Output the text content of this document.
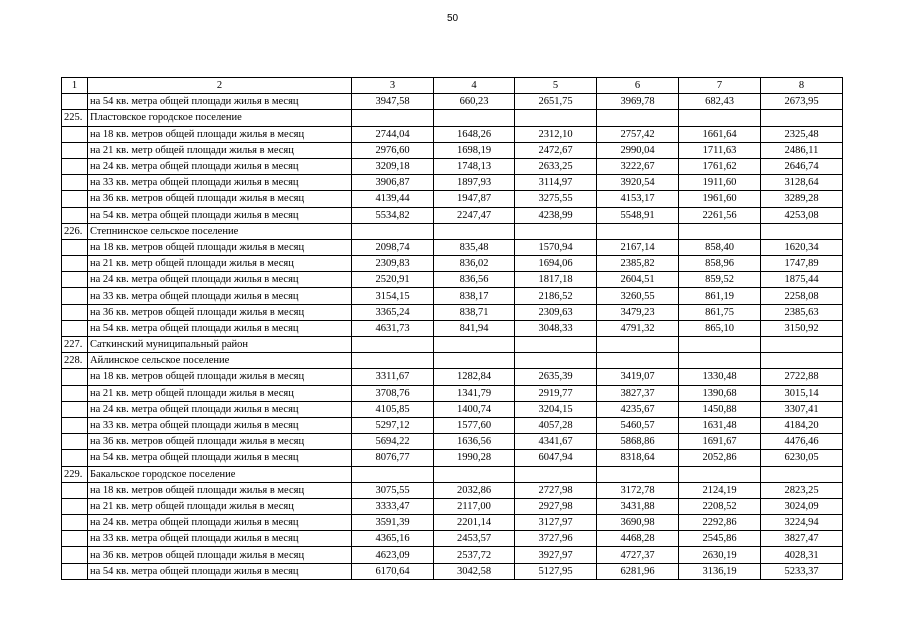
50
1	2	3	4	5	6	7	8
	на 54 кв. метра общей площади жилья в месяц	3947,58	660,23	2651,75	3969,78	682,43	2673,95
225.	Пластовское городское поселение						
	на 18 кв. метров общей площади жилья в месяц	2744,04	1648,26	2312,10	2757,42	1661,64	2325,48
	на 21 кв. метр общей площади жилья в месяц	2976,60	1698,19	2472,67	2990,04	1711,63	2486,11
	на 24 кв. метра общей площади жилья в месяц	3209,18	1748,13	2633,25	3222,67	1761,62	2646,74
	на 33 кв. метра общей площади жилья в месяц	3906,87	1897,93	3114,97	3920,54	1911,60	3128,64
	на 36 кв. метров общей площади жилья в месяц	4139,44	1947,87	3275,55	4153,17	1961,60	3289,28
	на 54 кв. метра общей площади жилья в месяц	5534,82	2247,47	4238,99	5548,91	2261,56	4253,08
226.	Степнинское сельское поселение						
	на 18 кв. метров общей площади жилья в месяц	2098,74	835,48	1570,94	2167,14	858,40	1620,34
	на 21 кв. метр общей площади жилья в месяц	2309,83	836,02	1694,06	2385,82	858,96	1747,89
	на 24 кв. метра общей площади жилья в месяц	2520,91	836,56	1817,18	2604,51	859,52	1875,44
	на 33 кв. метра общей площади жилья в месяц	3154,15	838,17	2186,52	3260,55	861,19	2258,08
	на 36 кв. метров общей площади жилья в месяц	3365,24	838,71	2309,63	3479,23	861,75	2385,63
	на 54 кв. метра общей площади жилья в месяц	4631,73	841,94	3048,33	4791,32	865,10	3150,92
227.	Саткинский муниципальный район						
228.	Айлинское сельское поселение						
	на 18 кв. метров общей площади жилья в месяц	3311,67	1282,84	2635,39	3419,07	1330,48	2722,88
	на 21 кв. метр общей площади жилья в месяц	3708,76	1341,79	2919,77	3827,37	1390,68	3015,14
	на 24 кв. метра общей площади жилья в месяц	4105,85	1400,74	3204,15	4235,67	1450,88	3307,41
	на 33 кв. метра общей площади жилья в месяц	5297,12	1577,60	4057,28	5460,57	1631,48	4184,20
	на 36 кв. метров общей площади жилья в месяц	5694,22	1636,56	4341,67	5868,86	1691,67	4476,46
	на 54 кв. метра общей площади жилья в месяц	8076,77	1990,28	6047,94	8318,64	2052,86	6230,05
229.	Бакальское городское поселение						
	на 18 кв. метров общей площади жилья в месяц	3075,55	2032,86	2727,98	3172,78	2124,19	2823,25
	на 21 кв. метр общей площади жилья в месяц	3333,47	2117,00	2927,98	3431,88	2208,52	3024,09
	на 24 кв. метра общей площади жилья в месяц	3591,39	2201,14	3127,97	3690,98	2292,86	3224,94
	на 33 кв. метра общей площади жилья в месяц	4365,16	2453,57	3727,96	4468,28	2545,86	3827,47
	на 36 кв. метров общей площади жилья в месяц	4623,09	2537,72	3927,97	4727,37	2630,19	4028,31
	на 54 кв. метра общей площади жилья в месяц	6170,64	3042,58	5127,95	6281,96	3136,19	5233,37
